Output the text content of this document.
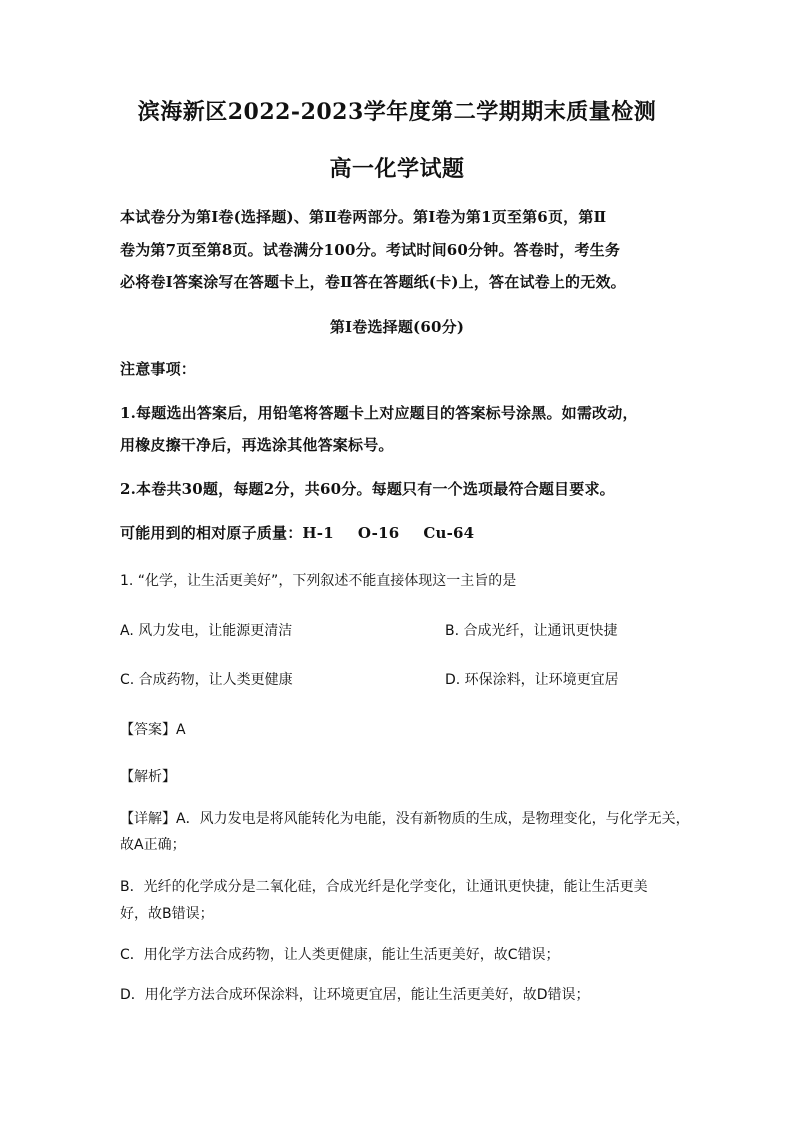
滨海新区2022-2023学年度第二学期期末质量检测
高一化学试题
本试卷分为第Ⅰ卷(选择题)、第Ⅱ卷两部分。第Ⅰ卷为第1页至第6页，第Ⅱ
卷为第7页至第8页。试卷满分100分。考试时间60分钟。答卷时，考生务
必将卷Ⅰ答案涂写在答题卡上，卷Ⅱ答在答题纸(卡)上，答在试卷上的无效。
第Ⅰ卷选择题(60分)
注意事项：
1.每题选出答案后，用铅笔将答题卡上对应题目的答案标号涂黑。如需改动，
用橡皮擦干净后，再选涂其他答案标号。
2.本卷共30题，每题2分，共60分。每题只有一个选项最符合题目要求。
可能用到的相对原子质量：H-1 O-16 Cu-64
1. “化学，让生活更美好”，下列叙述不能直接体现这一主旨的是
A. 风力发电，让能源更清洁	B. 合成光纤，让通讯更快捷
C. 合成药物，让人类更健康	D. 环保涂料，让环境更宜居
【答案】A
【解析】
【详解】A．风力发电是将风能转化为电能，没有新物质的生成，是物理变化，与化学无关，
故A正确；
B．光纤的化学成分是二氧化硅，合成光纤是化学变化，让通讯更快捷，能让生活更美
好，故B错误；
C．用化学方法合成药物，让人类更健康，能让生活更美好，故C错误；
D．用化学方法合成环保涂料，让环境更宜居，能让生活更美好，故D错误；
